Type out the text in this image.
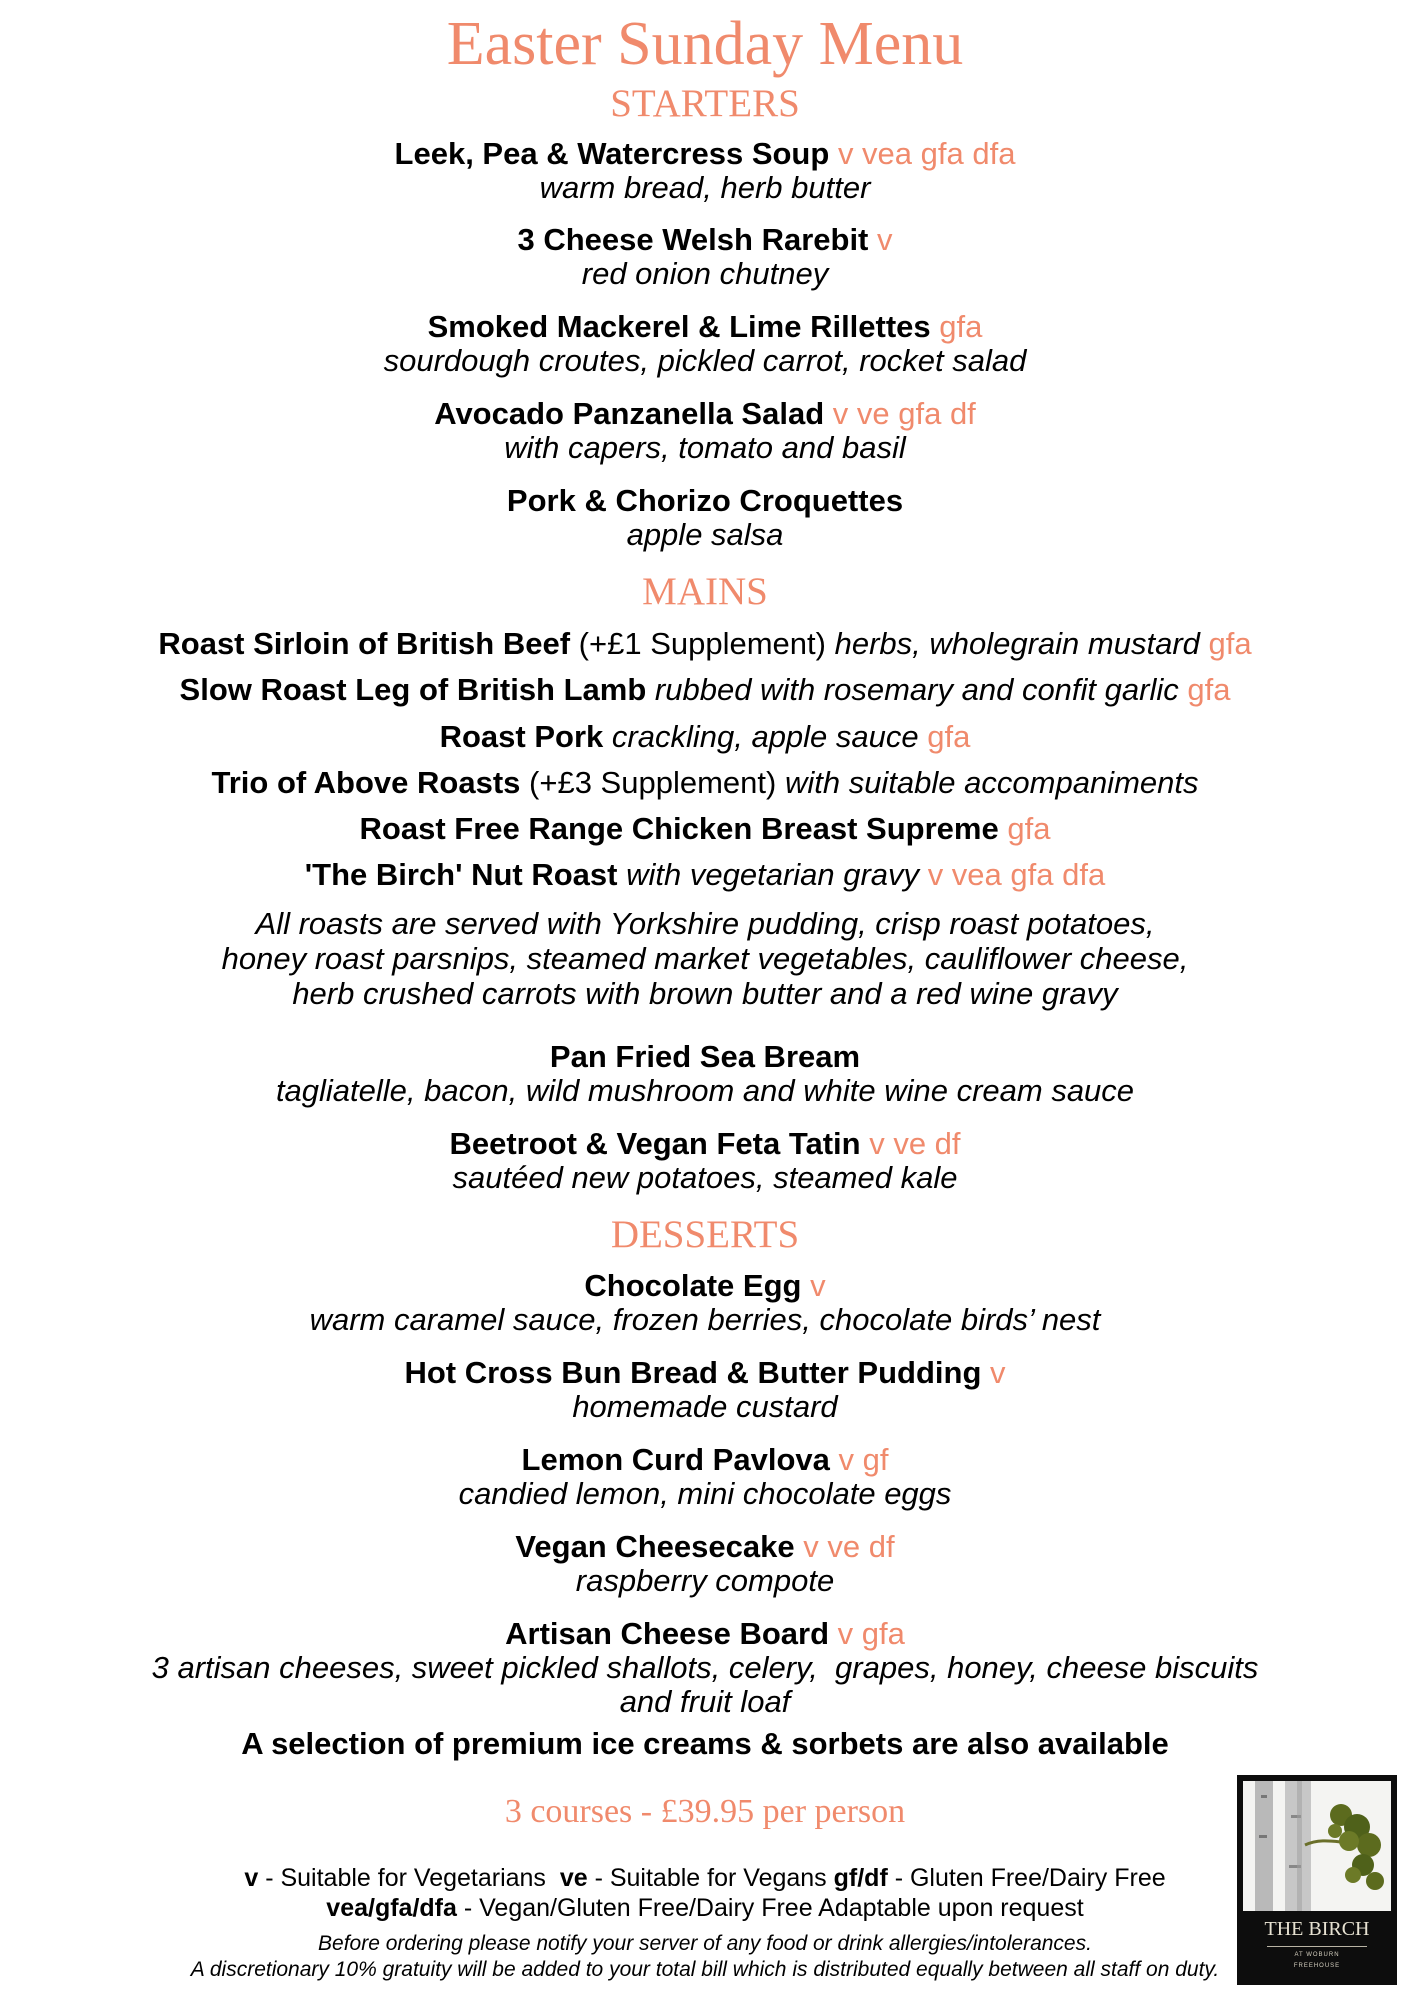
Easter Sunday Menu
STARTERS
Leek, Pea & Watercress Soup v vea gfa dfa
warm bread, herb butter
3 Cheese Welsh Rarebit v
red onion chutney
Smoked Mackerel & Lime Rillettes gfa
sourdough croutes, pickled carrot, rocket salad
Avocado Panzanella Salad v ve gfa df
with capers, tomato and basil
Pork & Chorizo Croquettes
apple salsa
MAINS
Roast Sirloin of British Beef (+£1 Supplement) herbs, wholegrain mustard gfa
Slow Roast Leg of British Lamb rubbed with rosemary and confit garlic gfa
Roast Pork crackling, apple sauce gfa
Trio of Above Roasts (+£3 Supplement) with suitable accompaniments
Roast Free Range Chicken Breast Supreme gfa
'The Birch' Nut Roast with vegetarian gravy v vea gfa dfa
All roasts are served with Yorkshire pudding, crisp roast potatoes,
honey roast parsnips, steamed market vegetables, cauliflower cheese,
herb crushed carrots with brown butter and a red wine gravy
Pan Fried Sea Bream
tagliatelle, bacon, wild mushroom and white wine cream sauce
Beetroot & Vegan Feta Tatin v ve df
sautéed new potatoes, steamed kale
DESSERTS
Chocolate Egg v
warm caramel sauce, frozen berries, chocolate birds’ nest
Hot Cross Bun Bread & Butter Pudding v
homemade custard
Lemon Curd Pavlova v gf
candied lemon, mini chocolate eggs
Vegan Cheesecake v ve df
raspberry compote
Artisan Cheese Board v gfa
3 artisan cheeses, sweet pickled shallots, celery,  grapes, honey, cheese biscuits
and fruit loaf
A selection of premium ice creams & sorbets are also available
3 courses - £39.95 per person
v - Suitable for Vegetarians  ve - Suitable for Vegans gf/df - Gluten Free/Dairy Free
vea/gfa/dfa - Vegan/Gluten Free/Dairy Free Adaptable upon request
Before ordering please notify your server of any food or drink allergies/intolerances.
A discretionary 10% gratuity will be added to your total bill which is distributed equally between all staff on duty.
THE BIRCH
AT WOBURN
FREEHOUSE
